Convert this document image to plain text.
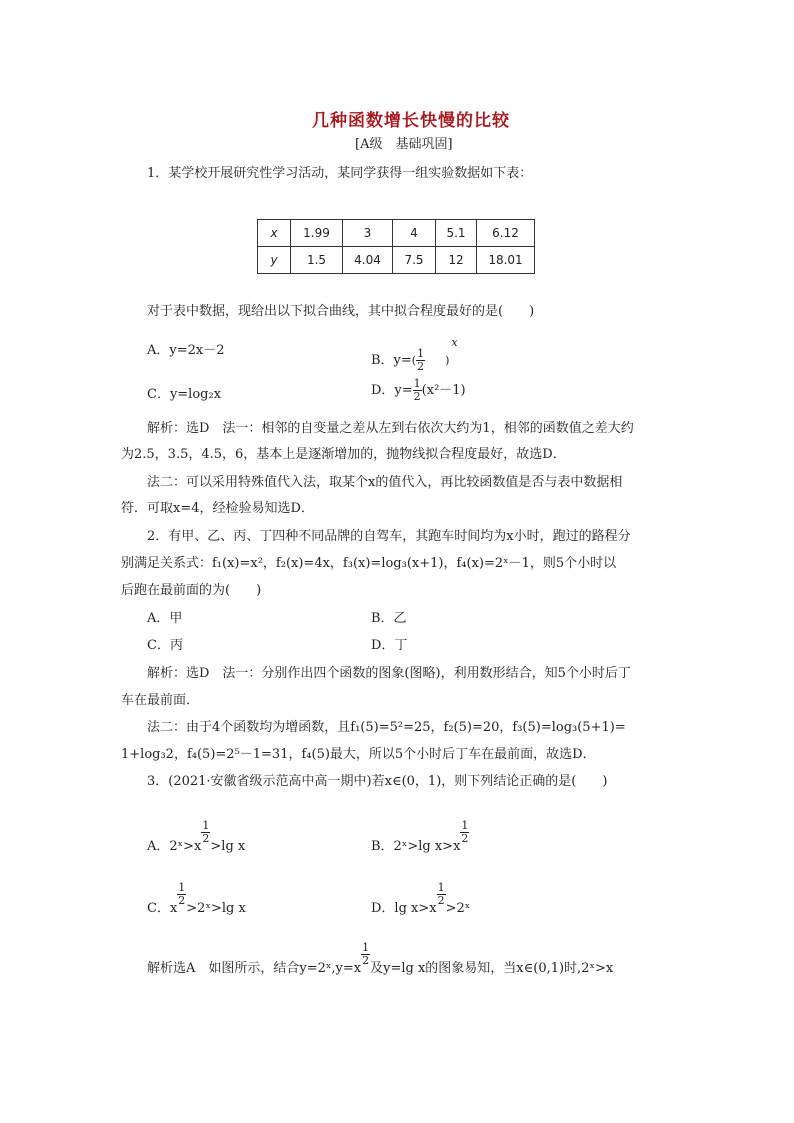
几种函数增长快慢的比较
[A级　基础巩固]
1．某学校开展研究性学习活动，某同学获得一组实验数据如下表：
x	1.99	3	4	5.1	6.12
y	1.5	4.04	7.5	12	18.01
对于表中数据，现给出以下拟合曲线，其中拟合程度最好的是(　　)
A．y=2x－2
B．$y=( \frac{1}{2} )^x$
C．y=log₂x	D．$y= \frac{1}{2} (x^2-1)$
解析：选D　法一：相邻的自变量之差从左到右依次大约为1，相邻的函数值之差大约
为2.5，3.5，4.5，6，基本上是逐渐增加的，抛物线拟合程度最好，故选D．
法二：可以采用特殊值代入法，取某个x的值代入，再比较函数值是否与表中数据相
符．可取x=4，经检验易知选D．
2．有甲、乙、丙、丁四种不同品牌的自驾车，其跑车时间均为x小时，跑过的路程分
别满足关系式：f₁(x)=x²，f₂(x)=4x，f₃(x)=log₃(x+1)，f₄(x)=2ˣ－1，则5个小时以
后跑在最前面的为(　　)
A．甲	B．乙
C．丙	D．丁
解析：选D　法一：分别作出四个函数的图象(图略)，利用数形结合，知5个小时后丁
车在最前面．
法二：由于4个函数均为增函数，且f₁(5)=5²=25，f₂(5)=20，f₃(5)=log₃(5+1)=
1+log₃2，f₄(5)=2⁵－1=31，f₄(5)最大，所以5个小时后丁车在最前面，故选D．
3．(2021·安徽省级示范高中高一期中)若x∈(0，1)，则下列结论正确的是(　　)
A．2ˣ>x
$\frac{1}{2}$
>lg x	B．2ˣ>lg x>x
$\frac{1}{2}$
C．x
$\frac{1}{2}$
>2ˣ>lg x	D．lg x>x
$\frac{1}{2}$
>2ˣ
解析选A　如图所示，结合y=2ˣ,y=x
$\frac{1}{2}$
及y=lg x的图象易知，当x∈(0,1)时,2ˣ>x
